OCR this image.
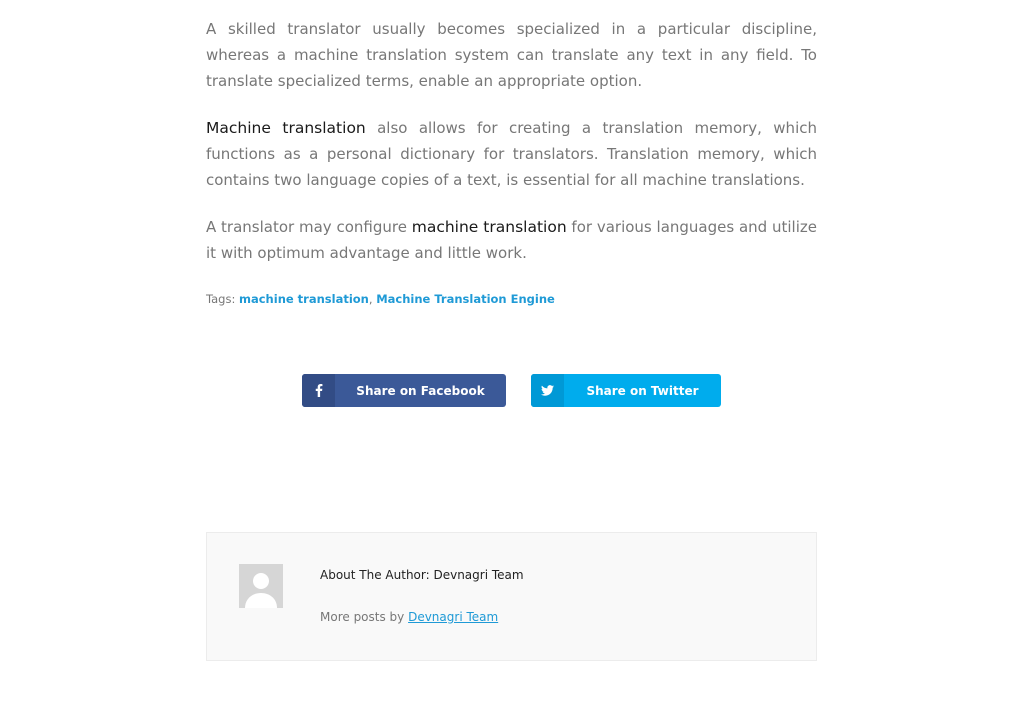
A skilled translator usually becomes specialized in a particular discipline, whereas a machine translation system can translate any text in any field. To translate specialized terms, enable an appropriate option.

Machine translation also allows for creating a translation memory, which functions as a personal dictionary for translators. Translation memory, which contains two language copies of a text, is essential for all machine translations.

A translator may configure machine translation for various languages and utilize it with optimum advantage and little work.

Tags: machine translation, Machine Translation Engine
Share on Facebook	Share on Twitter
About The Author: Devnagri Team
More posts by Devnagri Team
